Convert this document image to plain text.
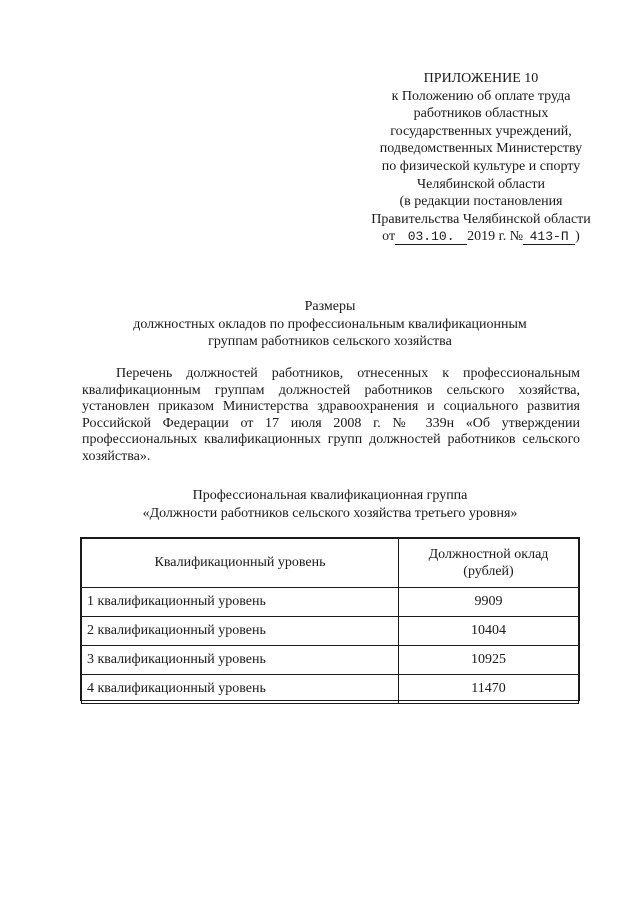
ПРИЛОЖЕНИЕ 10
к Положению об оплате труда
работников областных
государственных учреждений,
подведомственных Министерству
по физической культуре и спорту
Челябинской области
(в редакции постановления
Правительства Челябинской области
от 03.10. 2019 г. № 413-П )
Размеры
должностных окладов по профессиональным квалификационным
группам работников сельского хозяйства

Перечень должностей работников, отнесенных к профессиональным квалификационным группам должностей работников сельского хозяйства, установлен приказом Министерства здравоохранения и социального развития Российской Федерации от 17 июля 2008 г. № 339н «Об утверждении профессиональных квалификационных групп должностей работников сельского хозяйства».

Профессиональная квалификационная группа
«Должности работников сельского хозяйства третьего уровня»
Квалификационный уровень	Должностной оклад
(рублей)
1 квалификационный уровень	9909
2 квалификационный уровень	10404
3 квалификационный уровень	10925
4 квалификационный уровень	11470
